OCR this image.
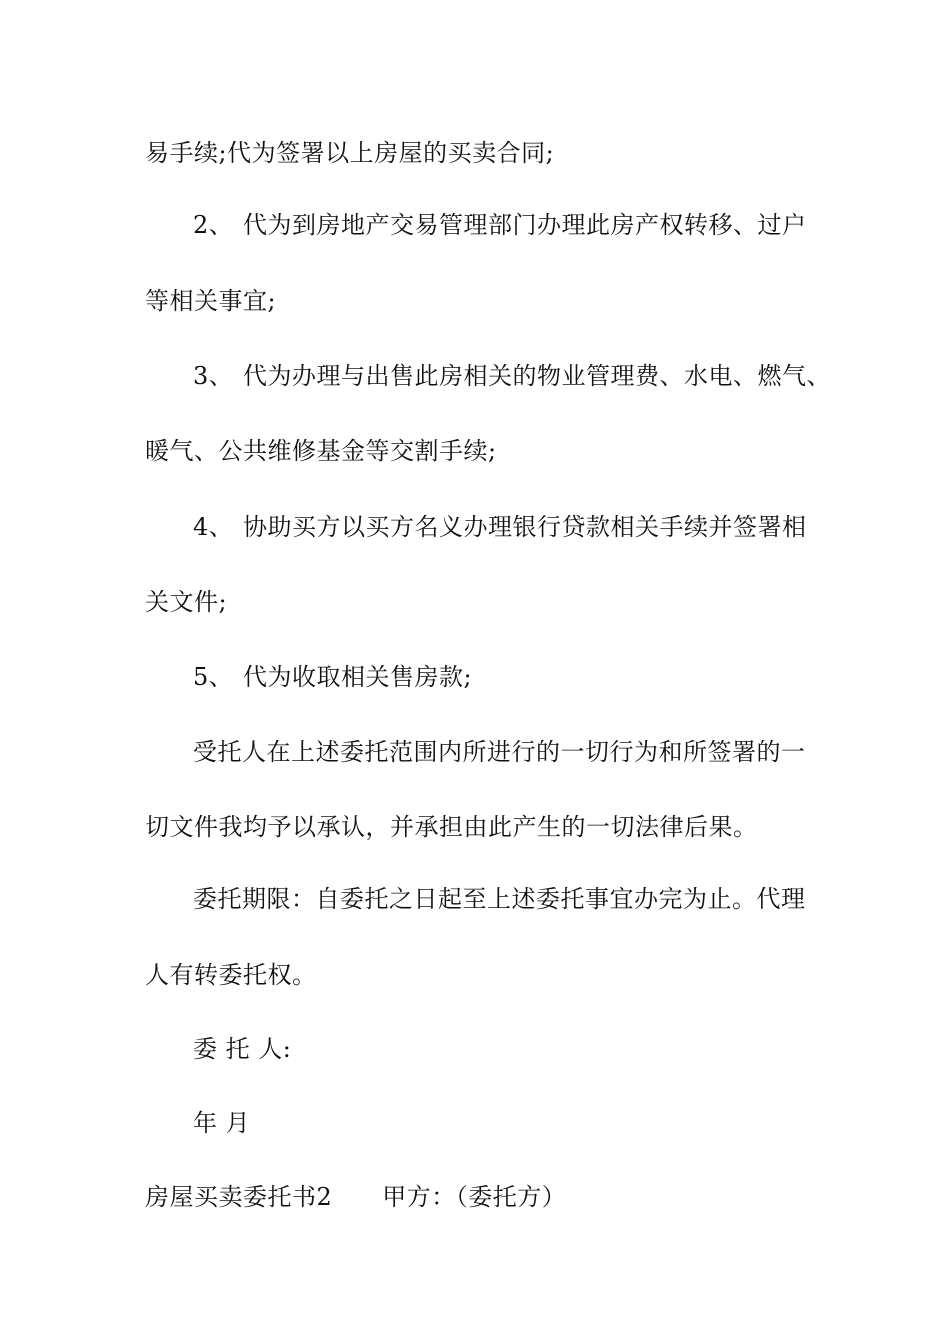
易手续;代为签署以上房屋的买卖合同;
2、 代为到房地产交易管理部门办理此房产权转移、过户
等相关事宜;
3、 代为办理与出售此房相关的物业管理费、水电、燃气、
暖气、公共维修基金等交割手续;
4、 协助买方以买方名义办理银行贷款相关手续并签署相
关文件;
5、 代为收取相关售房款;
受托人在上述委托范围内所进行的一切行为和所签署的一
切文件我均予以承认，并承担由此产生的一切法律后果。
委托期限：自委托之日起至上述委托事宜办完为止。代理
人有转委托权。
委 托 人:
年 月
房屋买卖委托书2 甲方：（委托方）
